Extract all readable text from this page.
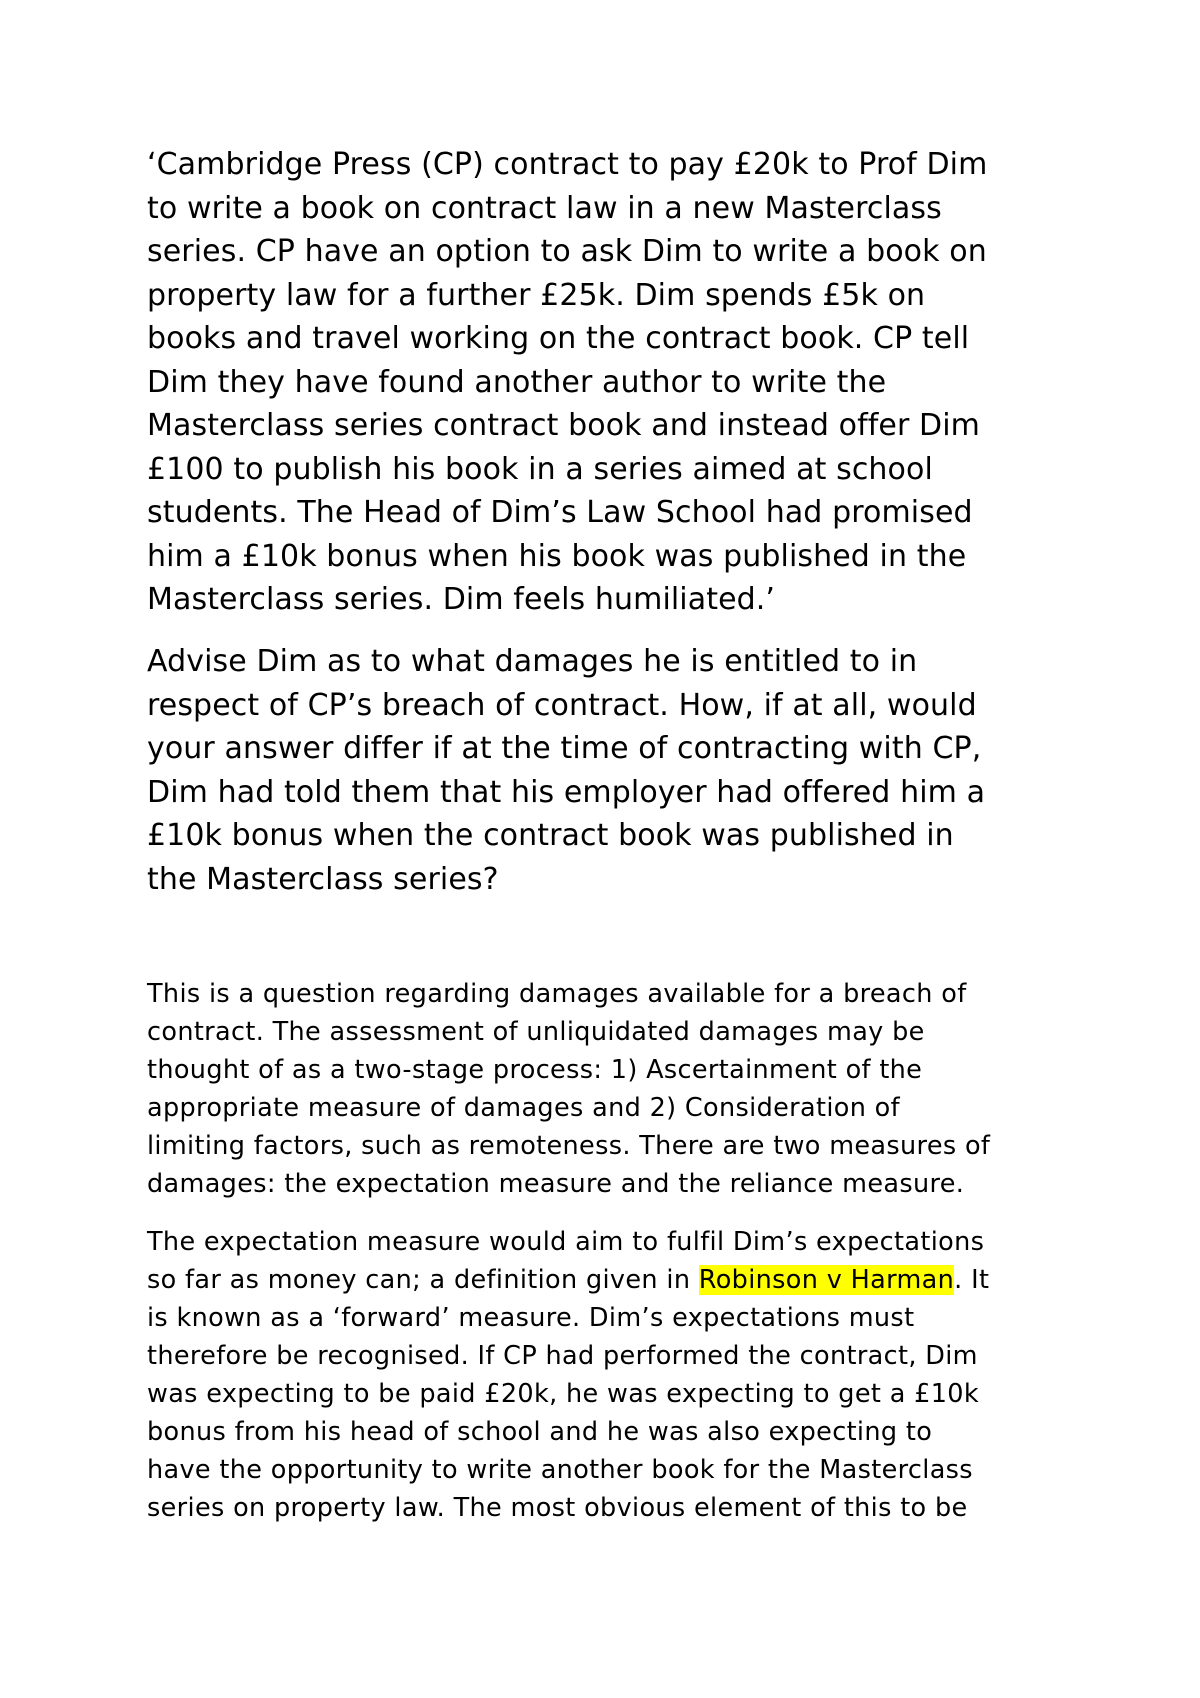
‘Cambridge Press (CP) contract to pay £20k to Prof Dim
to write a book on contract law in a new Masterclass
series. CP have an option to ask Dim to write a book on
property law for a further £25k. Dim spends £5k on
books and travel working on the contract book. CP tell
Dim they have found another author to write the
Masterclass series contract book and instead offer Dim
£100 to publish his book in a series aimed at school
students. The Head of Dim’s Law School had promised
him a £10k bonus when his book was published in the
Masterclass series. Dim feels humiliated.’
Advise Dim as to what damages he is entitled to in
respect of CP’s breach of contract. How, if at all, would
your answer differ if at the time of contracting with CP,
Dim had told them that his employer had offered him a
£10k bonus when the contract book was published in
the Masterclass series?
This is a question regarding damages available for a breach of
contract. The assessment of unliquidated damages may be
thought of as a two-stage process: 1) Ascertainment of the
appropriate measure of damages and 2) Consideration of
limiting factors, such as remoteness. There are two measures of
damages: the expectation measure and the reliance measure.
The expectation measure would aim to fulfil Dim’s expectations
so far as money can; a definition given in Robinson v Harman. It
is known as a ‘forward’ measure. Dim’s expectations must
therefore be recognised. If CP had performed the contract, Dim
was expecting to be paid £20k, he was expecting to get a £10k
bonus from his head of school and he was also expecting to
have the opportunity to write another book for the Masterclass
series on property law. The most obvious element of this to be
